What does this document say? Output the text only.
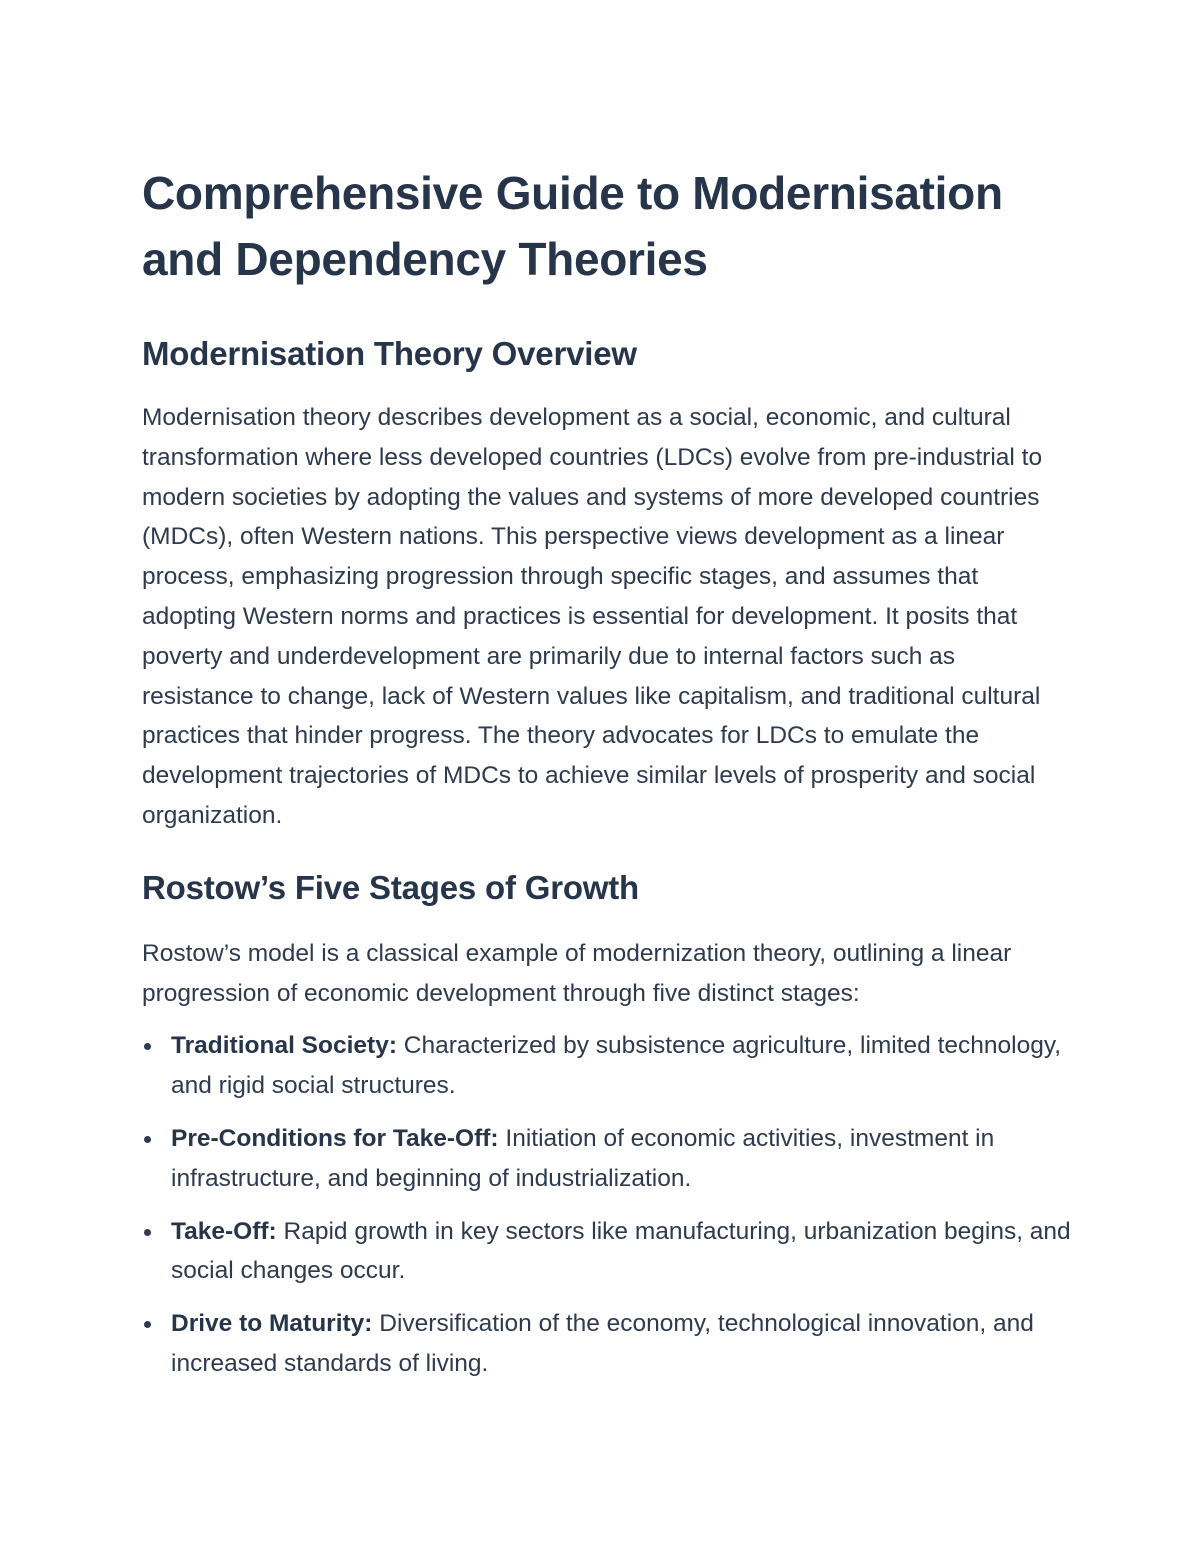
Comprehensive Guide to Modernisation and Dependency Theories
Modernisation Theory Overview

Modernisation theory describes development as a social, economic, and cultural transformation where less developed countries (LDCs) evolve from pre-industrial to modern societies by adopting the values and systems of more developed countries (MDCs), often Western nations. This perspective views development as a linear process, emphasizing progression through specific stages, and assumes that adopting Western norms and practices is essential for development. It posits that poverty and underdevelopment are primarily due to internal factors such as resistance to change, lack of Western values like capitalism, and traditional cultural practices that hinder progress. The theory advocates for LDCs to emulate the development trajectories of MDCs to achieve similar levels of prosperity and social organization.

Rostow’s Five Stages of Growth

Rostow’s model is a classical example of modernization theory, outlining a linear progression of economic development through five distinct stages:

Traditional Society: Characterized by subsistence agriculture, limited technology, and rigid social structures.
Pre-Conditions for Take-Off: Initiation of economic activities, investment in infrastructure, and beginning of industrialization.
Take-Off: Rapid growth in key sectors like manufacturing, urbanization begins, and social changes occur.
Drive to Maturity: Diversification of the economy, technological innovation, and increased standards of living.
